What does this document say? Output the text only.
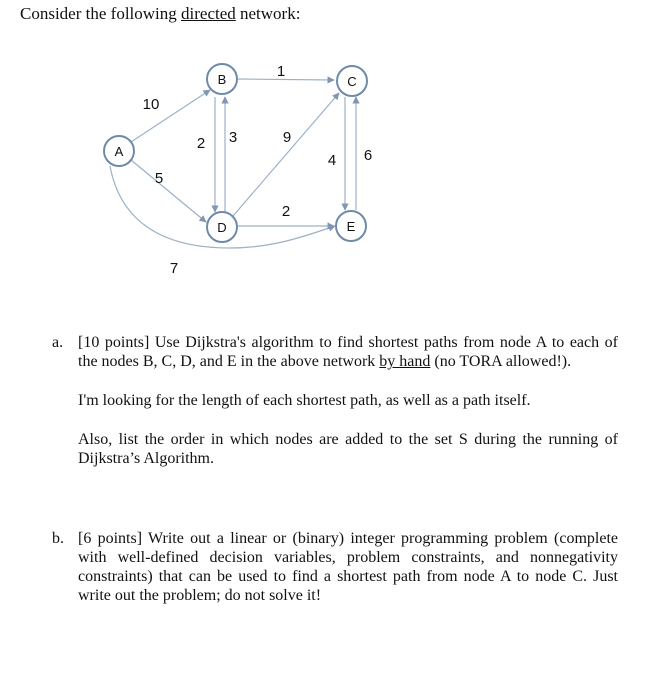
Consider the following directed network:
A
B	C
D	E
10
5
7
1
2 3	9
2
4 6
a. [10 points] Use Dijkstra's algorithm to find shortest paths from node A to each of the nodes B, C, D, and E in the above network by hand (no TORA allowed!).

I'm looking for the length of each shortest path, as well as a path itself.

Also, list the order in which nodes are added to the set S during the running of Dijkstra’s Algorithm.

b. [6 points] Write out a linear or (binary) integer programming problem (complete with well-defined decision variables, problem constraints, and nonnegativity constraints) that can be used to find a shortest path from node A to node C. Just write out the problem; do not solve it!
